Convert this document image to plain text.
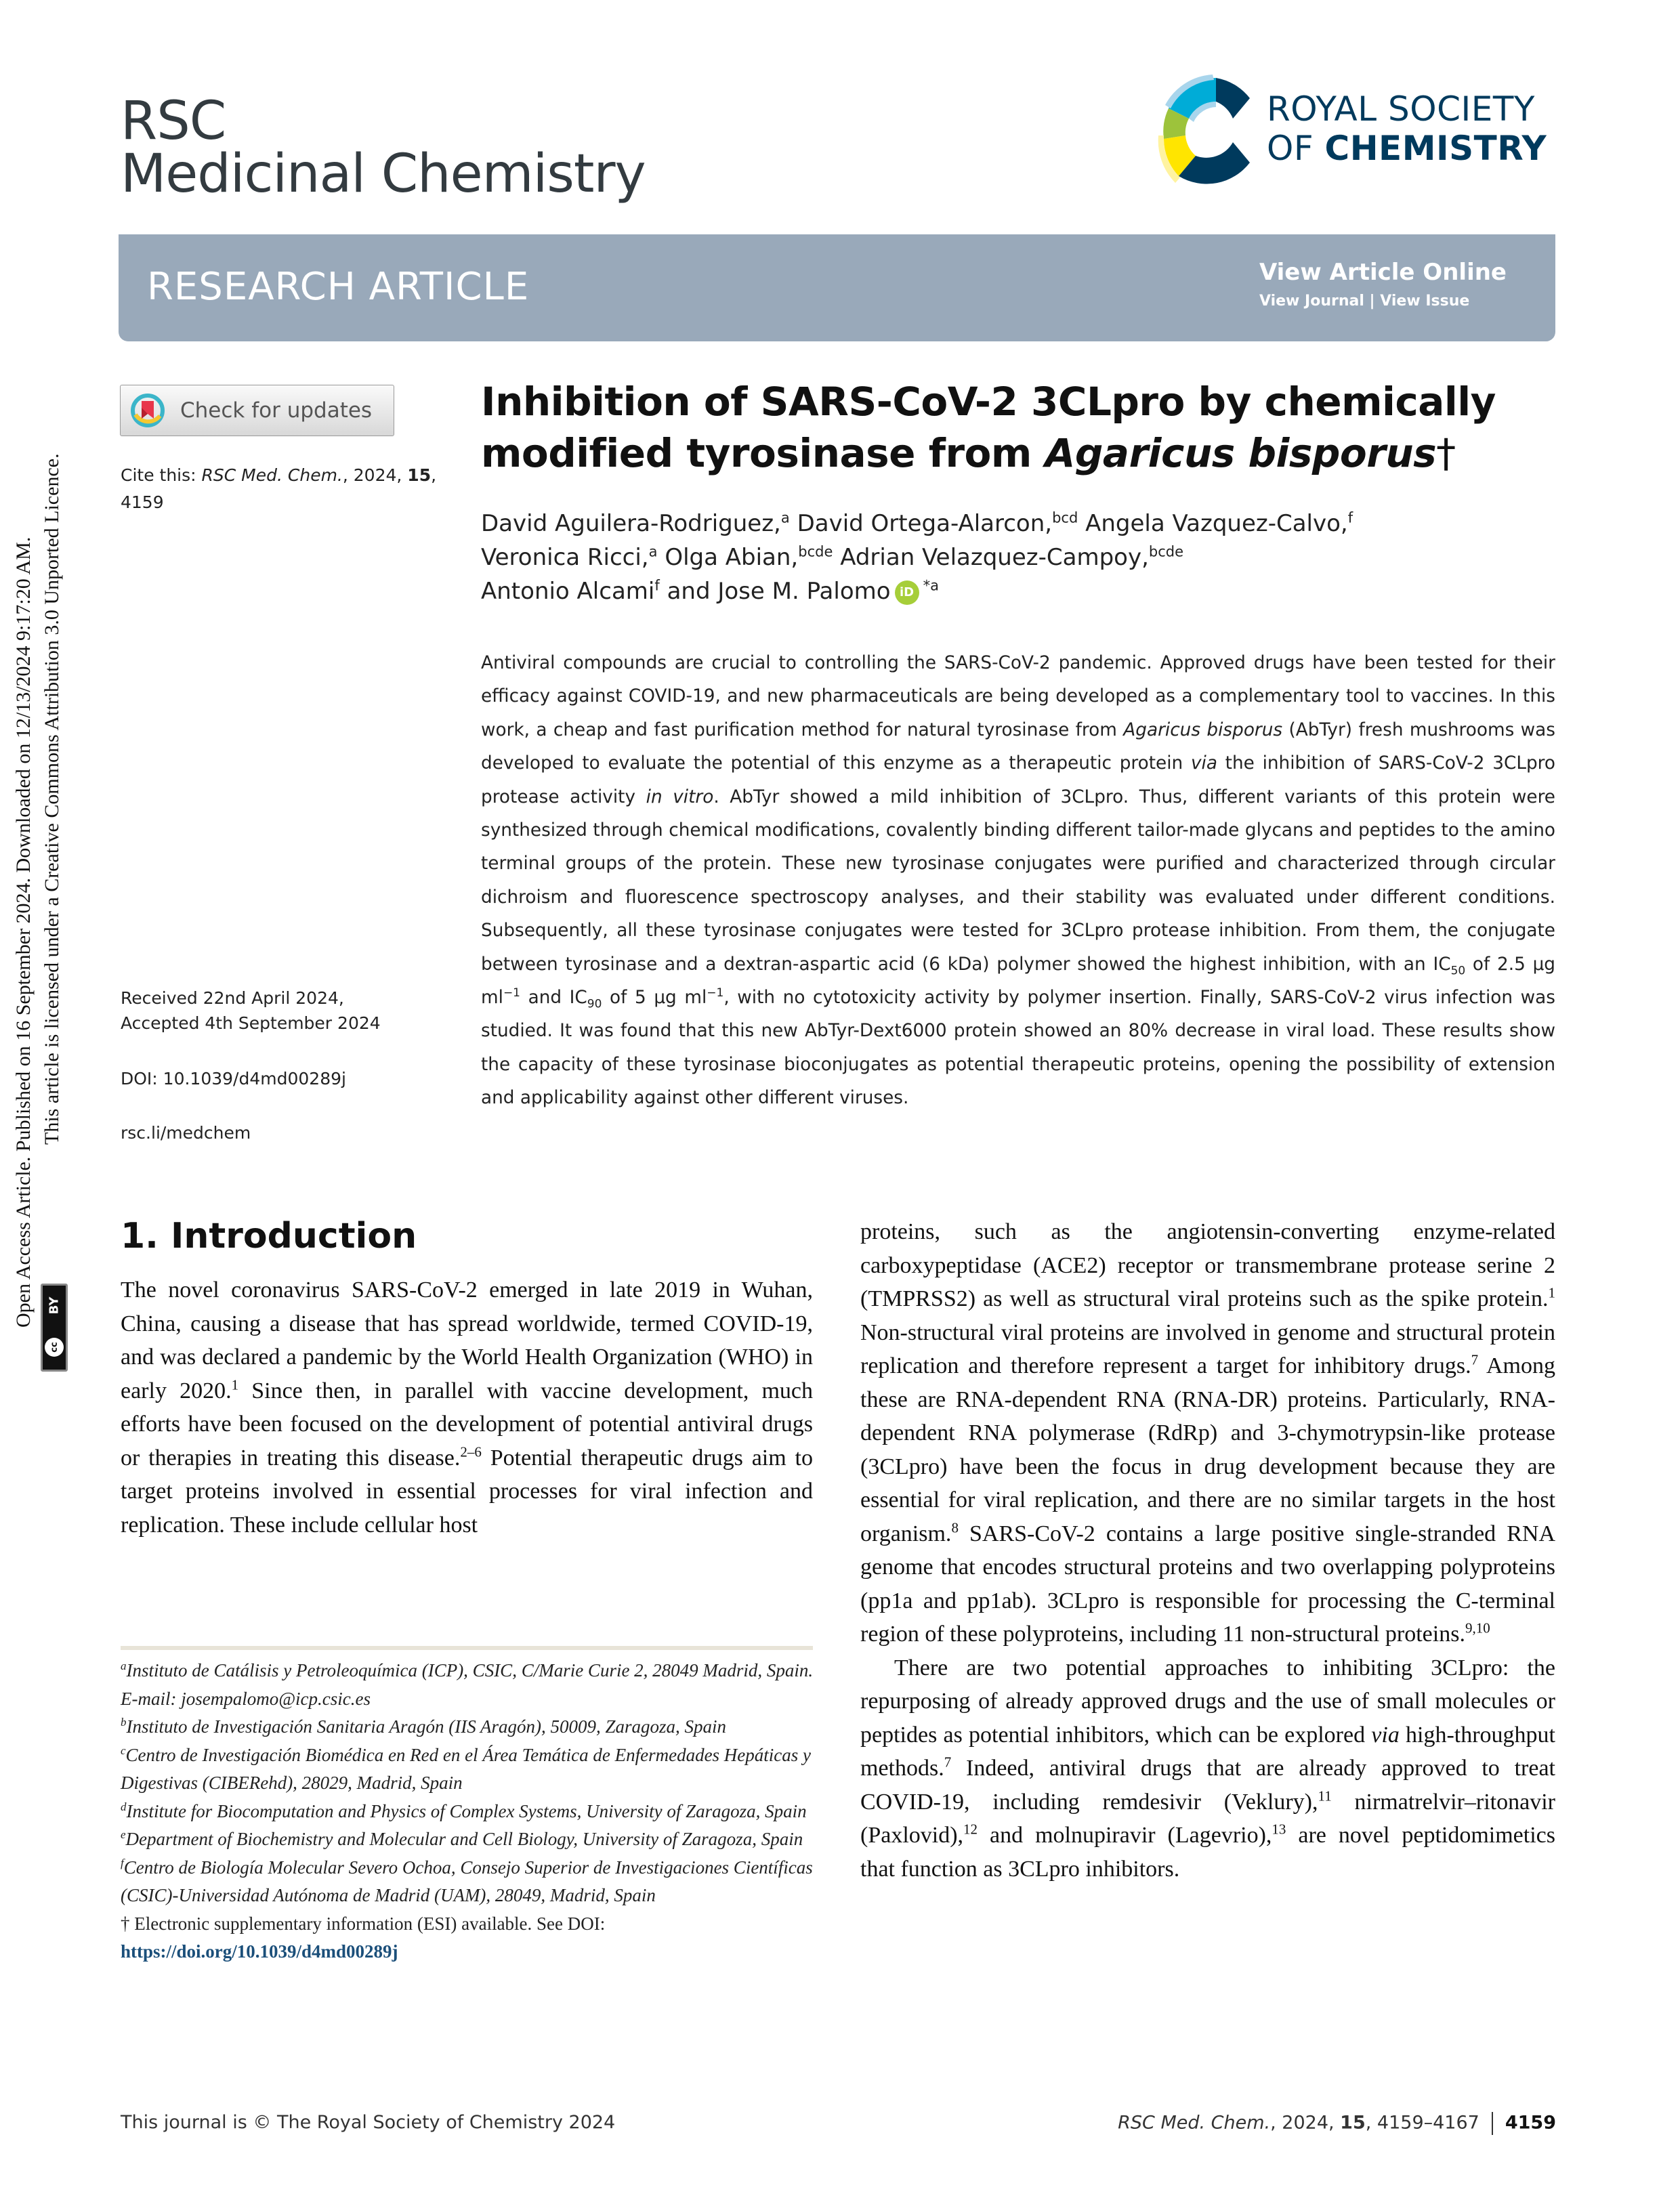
Open Access Article. Published on 16 September 2024. Downloaded on 12/13/2024 9:17:20 AM. This article is licensed under a Creative Commons Attribution 3.0 Unported Licence.
BY
cc
RSC
Medicinal Chemistry
ROYAL SOCIETY
OF CHEMISTRY
RESEARCH ARTICLE	View Article Online
View Journal | View Issue
Check for updates
Cite this: RSC Med. Chem., 2024, 15, 4159
Received 22nd April 2024,
Accepted 4th September 2024
DOI: 10.1039/d4md00289j
rsc.li/medchem
Inhibition of SARS-CoV-2 3CLpro by chemically modified tyrosinase from Agaricus bisporus†
David Aguilera-Rodriguez,$^a$ David Ortega-Alarcon,$^{bcd}$ Angela Vazquez-Calvo,$^f$
Veronica Ricci,$^a$ Olga Abian,$^{bcde}$ Adrian Velazquez-Campoy,$^{bcde}$
Antonio Alcami$^f$ and Jose M. Palomo iD $^{*a}$
Antiviral compounds are crucial to controlling the SARS-CoV-2 pandemic. Approved drugs have been tested for their efficacy against COVID-19, and new pharmaceuticals are being developed as a complementary tool to vaccines. In this work, a cheap and fast purification method for natural tyrosinase from Agaricus bisporus (AbTyr) fresh mushrooms was developed to evaluate the potential of this enzyme as a therapeutic protein via the inhibition of SARS-CoV-2 3CLpro protease activity in vitro. AbTyr showed a mild inhibition of 3CLpro. Thus, different variants of this protein were synthesized through chemical modifications, covalently binding different tailor-made glycans and peptides to the amino terminal groups of the protein. These new tyrosinase conjugates were purified and characterized through circular dichroism and fluorescence spectroscopy analyses, and their stability was evaluated under different conditions. Subsequently, all these tyrosinase conjugates were tested for 3CLpro protease inhibition. From them, the conjugate between tyrosinase and a dextran-aspartic acid (6 kDa) polymer showed the highest inhibition, with an $IC_{50}$ of 2.5 μg $ml^{-1}$ and $IC_{90}$ of 5 μg $ml^{-1}$, with no cytotoxicity activity by polymer insertion. Finally, SARS-CoV-2 virus infection was studied. It was found that this new AbTyr-Dext6000 protein showed an 80% decrease in viral load. These results show the capacity of these tyrosinase bioconjugates as potential therapeutic proteins, opening the possibility of extension and applicability against other different viruses.
1. Introduction

The novel coronavirus SARS-CoV-2 emerged in late 2019 in Wuhan, China, causing a disease that has spread worldwide, termed COVID-19, and was declared a pandemic by the World Health Organization (WHO) in early 2020.$^1$ Since then, in parallel with vaccine development, much efforts have been focused on the development of potential antiviral drugs or therapies in treating this disease.$^{2-6}$ Potential therapeutic drugs aim to target proteins involved in essential processes for viral infection and replication. These include cellular host

proteins, such as the angiotensin-converting enzyme-related carboxypeptidase (ACE2) receptor or transmembrane protease serine 2 (TMPRSS2) as well as structural viral proteins such as the spike protein.$^1$ Non-structural viral proteins are involved in genome and structural protein replication and therefore represent a target for inhibitory drugs.$^7$ Among these are RNA-dependent RNA (RNA-DR) proteins. Particularly, RNA-dependent RNA polymerase (RdRp) and 3-chymotrypsin-like protease (3CLpro) have been the focus in drug development because they are essential for viral replication, and there are no similar targets in the host organism.$^8$ SARS-CoV-2 contains a large positive single-stranded RNA genome that encodes structural proteins and two overlapping polyproteins (pp1a and pp1ab). 3CLpro is responsible for processing the C-terminal region of these polyproteins, including 11 non-structural proteins.$^{9,10}$

There are two potential approaches to inhibiting 3CLpro: the repurposing of already approved drugs and the use of small molecules or peptides as potential inhibitors, which can be explored via high-throughput methods.$^7$ Indeed, antiviral drugs that are already approved to treat COVID-19, including remdesivir (Veklury),$^{11}$ nirmatrelvir–ritonavir (Paxlovid),$^{12}$ and molnupiravir (Lagevrio),$^{13}$ are novel peptidomimetics that function as 3CLpro inhibitors.

$^a$Instituto de Catálisis y Petroleoquímica (ICP), CSIC, C/Marie Curie 2, 28049 Madrid, Spain. E-mail: josempalomo@icp.csic.es
$^b$Instituto de Investigación Sanitaria Aragón (IIS Aragón), 50009, Zaragoza, Spain
$^c$Centro de Investigación Biomédica en Red en el Área Temática de Enfermedades Hepáticas y Digestivas (CIBERehd), 28029, Madrid, Spain
$^d$Institute for Biocomputation and Physics of Complex Systems, University of Zaragoza, Spain
$^e$Department of Biochemistry and Molecular and Cell Biology, University of Zaragoza, Spain
$^f$Centro de Biología Molecular Severo Ochoa, Consejo Superior de Investigaciones Científicas (CSIC)-Universidad Autónoma de Madrid (UAM), 28049, Madrid, Spain
† Electronic supplementary information (ESI) available. See DOI: https://doi.org/10.1039/d4md00289j
This journal is © The Royal Society of Chemistry 2024	RSC Med. Chem., 2024, 15, 4159–4167 4159
